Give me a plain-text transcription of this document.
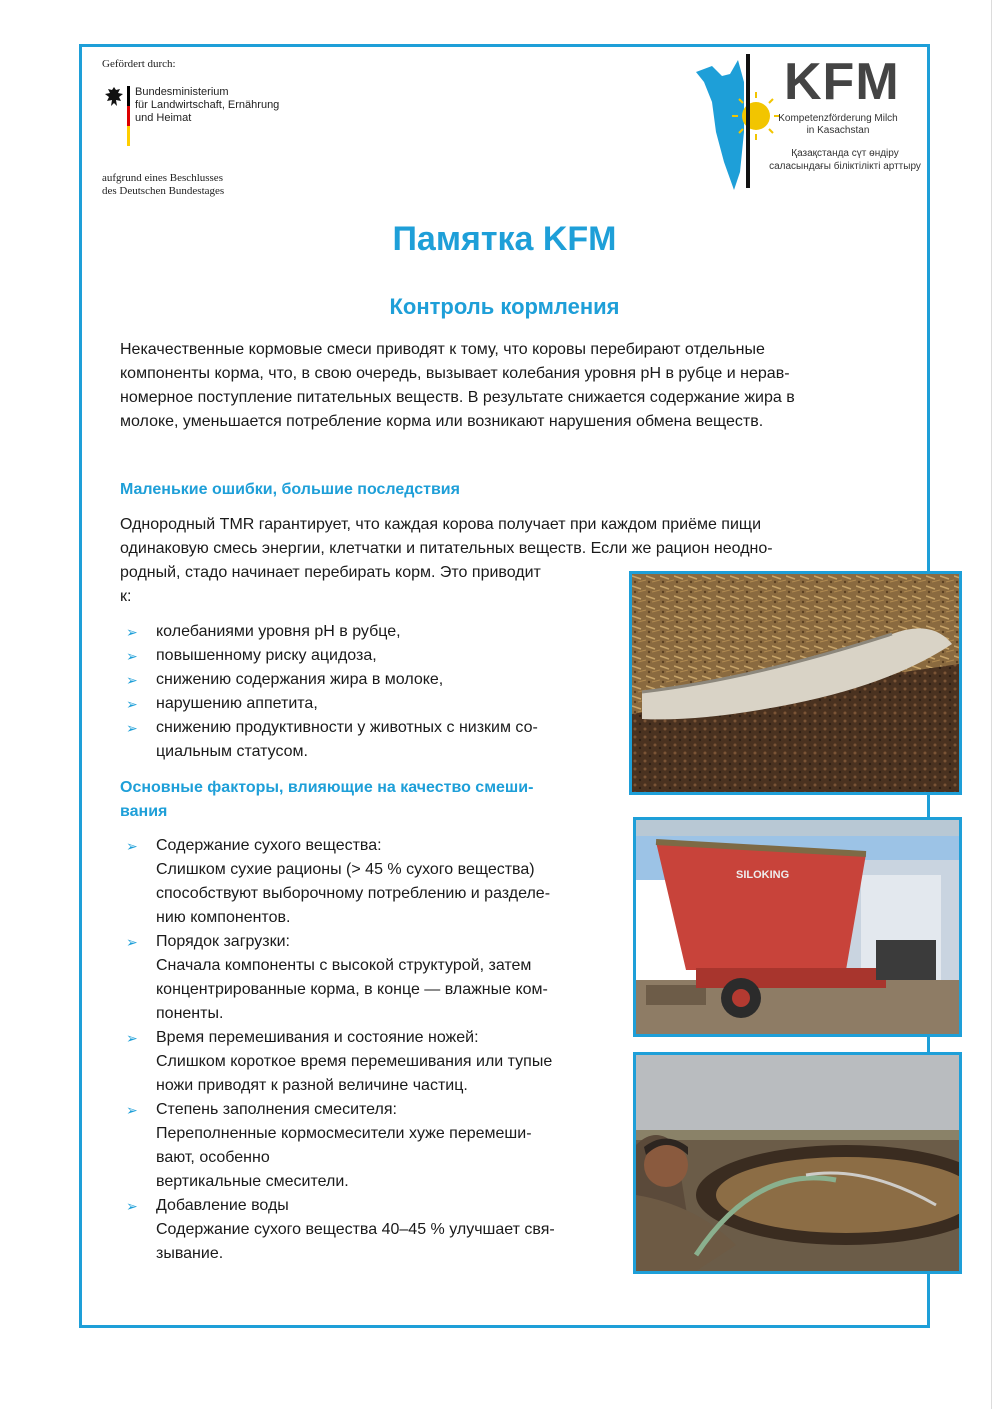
Gefördert durch:
Bundesministerium
für Landwirtschaft, Ernährung
und Heimat
aufgrund eines Beschlusses
des Deutschen Bundestages
KFM
Kompetenzförderung Milch
in Kasachstan
Қазақстанда сүт өндіру
саласындағы біліктілікті арттыру
Памятка KFM
Контроль кормления
Некачественные кормовые смеси приводят к тому, что коровы перебирают отдельные
компоненты корма, что, в свою очередь, вызывает колебания уровня pH в рубце и нерав-
номерное поступление питательных веществ. В результате снижается содержание жира в
молоке, уменьшается потребление корма или возникают нарушения обмена веществ.
Маленькие ошибки, большие последствия
Однородный TMR гарантирует, что каждая корова получает при каждом приёме пищи
одинаковую смесь энергии, клетчатки и питательных веществ. Если же рацион неодно-
родный, стадо начинает перебирать корм. Это приводит
к:
➢ колебаниями уровня pH в рубце,
➢ повышенному риску ацидоза,
➢ снижению содержания жира в молоке,
➢ нарушению аппетита,
➢ снижению продуктивности у животных с низким со-
циальным статусом.
Основные факторы, влияющие на качество смеши-
вания
➢ Содержание сухого вещества:
Слишком сухие рационы (> 45 % сухого вещества)
способствуют выборочному потреблению и разделе-
нию компонентов.
➢ Порядок загрузки:
Сначала компоненты с высокой структурой, затем
концентрированные корма, в конце — влажные ком-
поненты.
➢ Время перемешивания и состояние ножей:
Слишком короткое время перемешивания или тупые
ножи приводят к разной величине частиц.
➢ Степень заполнения смесителя:
Переполненные кормосмесители хуже перемеши-
вают, особенно
вертикальные смесители.
➢ Добавление воды
Содержание сухого вещества 40–45 % улучшает свя-
зывание.
SILOKING
